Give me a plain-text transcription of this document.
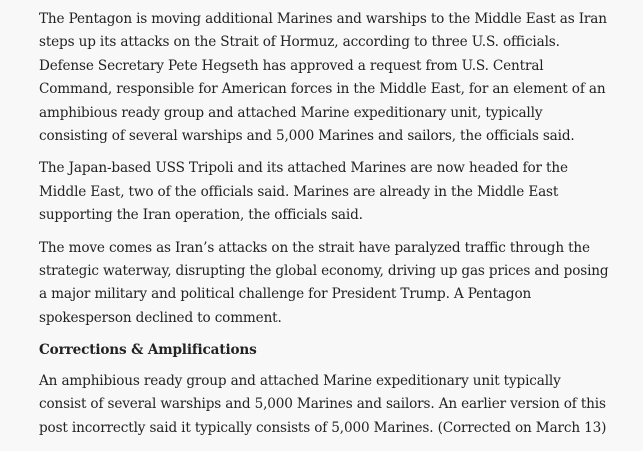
The Pentagon is moving additional Marines and warships to the Middle East as Iran steps up its attacks on the Strait of Hormuz, according to three U.S. officials. Defense Secretary Pete Hegseth has approved a request from U.S. Central Command, responsible for American forces in the Middle East, for an element of an amphibious ready group and attached Marine expeditionary unit, typically consisting of several warships and 5,000 Marines and sailors, the officials said.

The Japan-based USS Tripoli and its attached Marines are now headed for the Middle East, two of the officials said. Marines are already in the Middle East supporting the Iran operation, the officials said.

The move comes as Iran’s attacks on the strait have paralyzed traffic through the strategic waterway, disrupting the global economy, driving up gas prices and posing a major military and political challenge for President Trump. A Pentagon spokesperson declined to comment.

Corrections & Amplifications

An amphibious ready group and attached Marine expeditionary unit typically consist of several warships and 5,000 Marines and sailors. An earlier version of this post incorrectly said it typically consists of 5,000 Marines. (Corrected on March 13)
